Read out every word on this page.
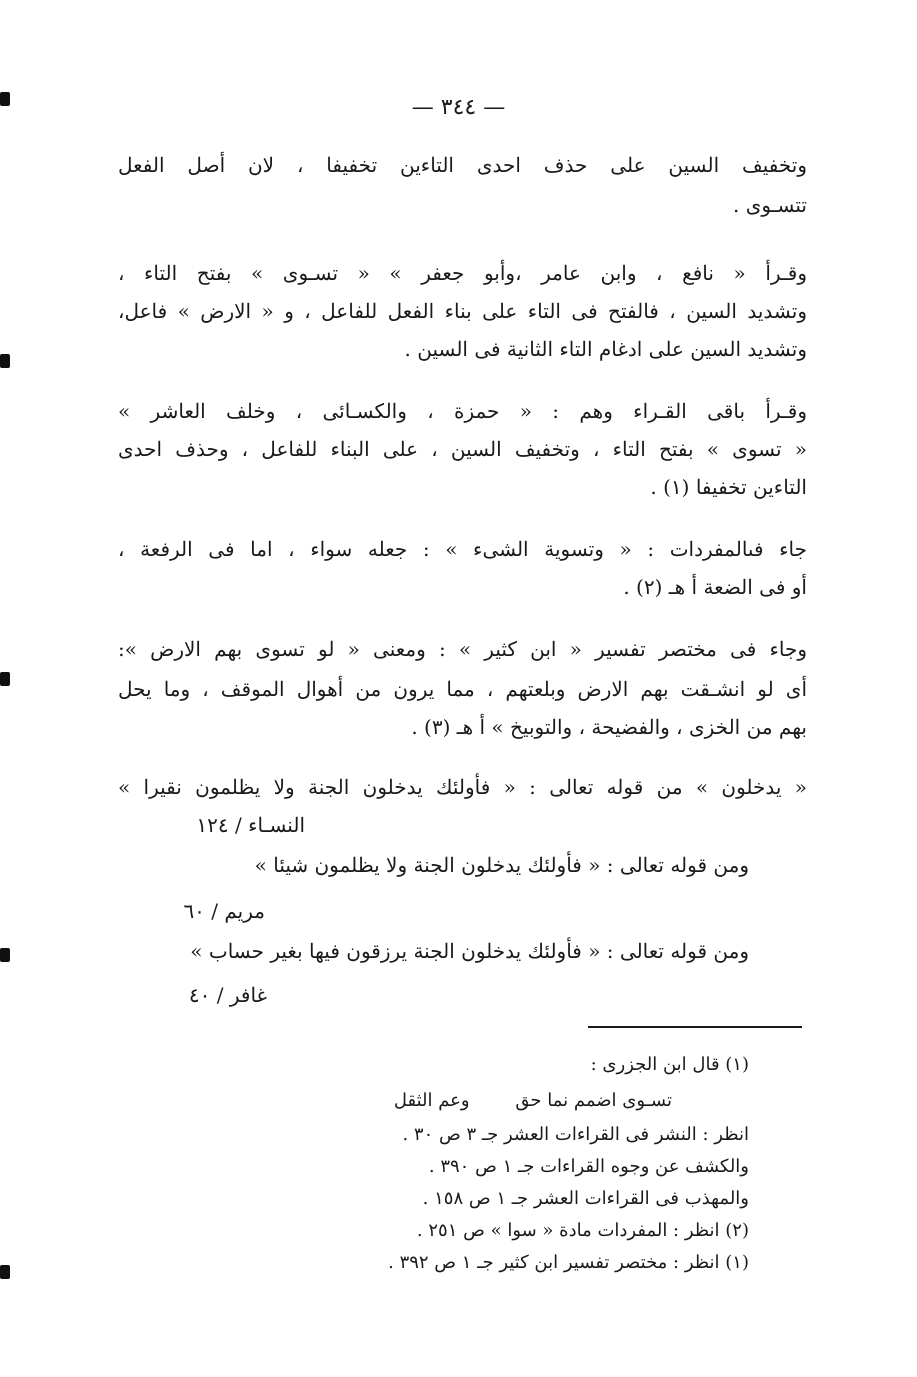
— ٣٤٤ —
وتخفيف السين على حذف احدى التاءين تخفيفا ، لان أصل الفعل
تتسـوى .
وقـرأ « نافع ، وابن عامر ،وأبو جعفر » « تسـوى » بفتح التاء ،
وتشديد السين ، فالفتح فى التاء على بناء الفعل للفاعل ، و « الارض » فاعل،
وتشديد السين على ادغام التاء الثانية فى السين .
وقـرأ باقى القـراء وهم : « حمزة ، والكسـائى ، وخلف العاشر »
« تسوى » بفتح التاء ، وتخفيف السين ، على البناء للفاعل ، وحذف احدى
التاءين تخفيفا (١) .
جاء فىالمفردات : « وتسوية الشىء » : جعله سواء ، اما فى الرفعة ،
أو فى الضعة أ هـ (٢) .
وجاء فى مختصر تفسير « ابن كثير » : ومعنى « لو تسوى بهم الارض »:
أى لو انشـقت بهم الارض وبلعتهم ، مما يرون من أهوال الموقف ، وما يحل
بهم من الخزى ، والفضيحة ، والتوبيخ » أ هـ (٣) .
« يدخلون » من قوله تعالى : « فأولئك يدخلون الجنة ولا يظلمون نقيرا »
النسـاء / ١٢٤
ومن قوله تعالى : « فأولئك يدخلون الجنة ولا يظلمون شيئا »
مريم / ٦٠
ومن قوله تعالى : « فأولئك يدخلون الجنة يرزقون فيها بغير حساب »
غافر / ٤٠
(١) قال ابن الجزرى :
تسـوى اضمم نما حق        وعم الثقل
انظر : النشر فى القراءات العشر جـ ٣ ص ٣٠ .
والكشف عن وجوه القراءات جـ ١ ص ٣٩٠ .
والمهذب فى القراءات العشر جـ ١ ص ١٥٨ .
(٢) انظر : المفردات مادة « سوا » ص ٢٥١ .
(١) انظر : مختصر تفسير ابن كثير جـ ١ ص ٣٩٢ .
